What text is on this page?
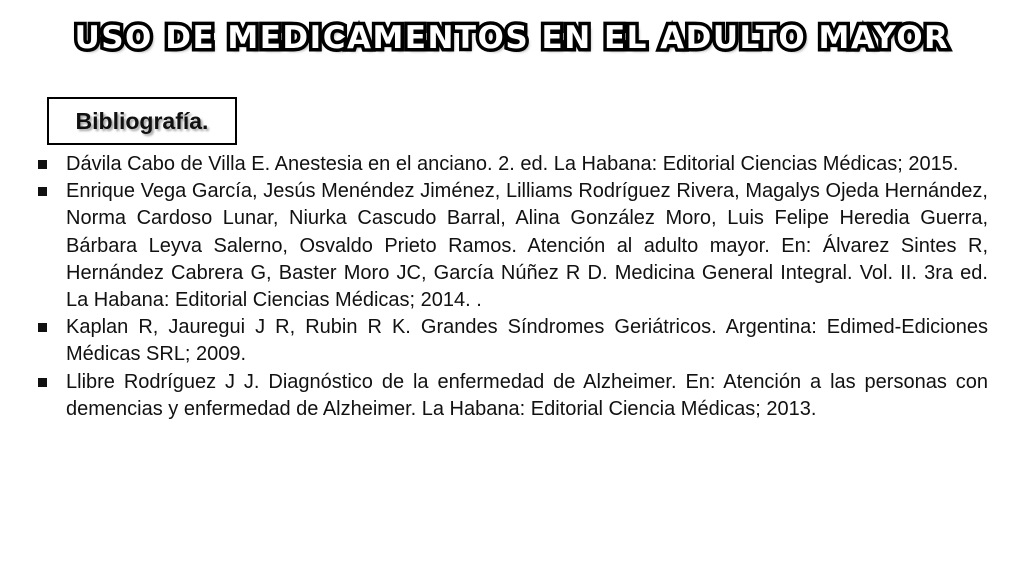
USO DE MEDICAMENTOS EN EL ADULTO MAYOR
Bibliografía.
Dávila Cabo de Villa E. Anestesia en el anciano. 2. ed. La Habana: Editorial Ciencias Médicas; 2015.
Enrique Vega García, Jesús Menéndez Jiménez, Lilliams Rodríguez Rivera, Magalys Ojeda Hernández, Norma Cardoso Lunar, Niurka Cascudo Barral, Alina González Moro, Luis Felipe Heredia Guerra, Bárbara Leyva Salerno, Osvaldo Prieto Ramos. Atención al adulto mayor. En: Álvarez Sintes R, Hernández Cabrera G, Baster Moro JC, García Núñez R D. Medicina General Integral. Vol. II. 3ra ed. La Habana: Editorial Ciencias Médicas; 2014. .
Kaplan R, Jauregui J R, Rubin R K. Grandes Síndromes Geriátricos. Argentina: Edimed-Ediciones Médicas SRL; 2009.
Llibre Rodríguez J J. Diagnóstico de la enfermedad de Alzheimer. En: Atención a las personas con demencias y enfermedad de Alzheimer. La Habana: Editorial Ciencia Médicas; 2013.
